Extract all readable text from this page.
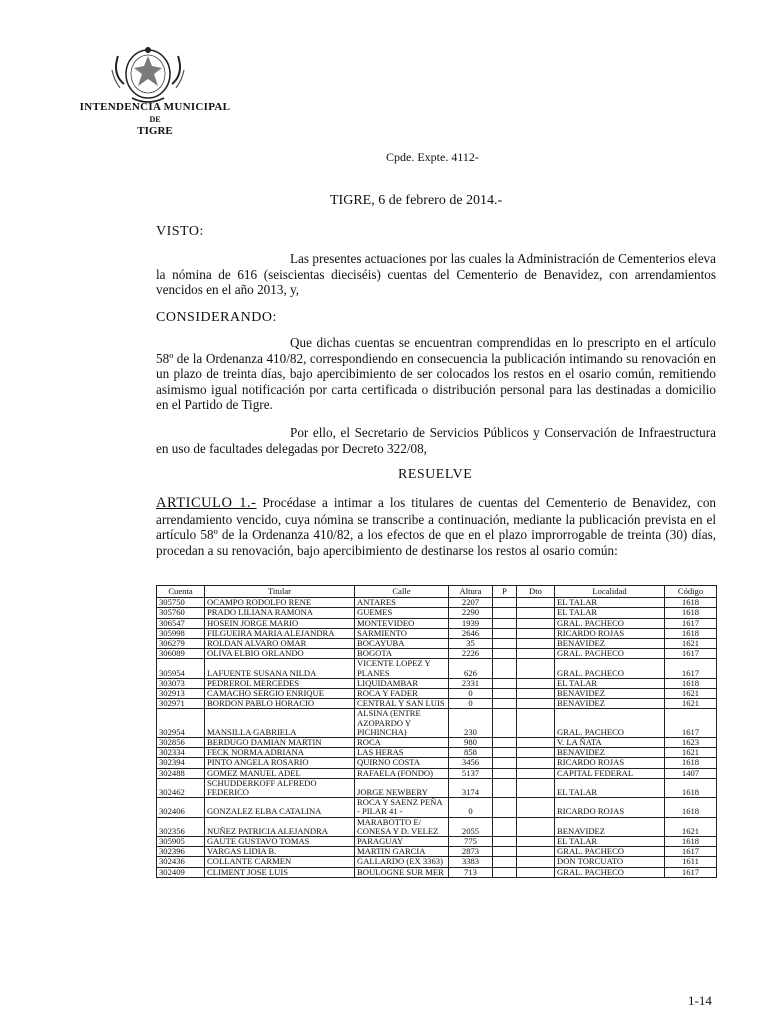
INTENDENCIA MUNICIPAL
DE
TIGRE
Cpde. Expte. 4112-
TIGRE, 6 de febrero de 2014.-
VISTO:
Las presentes actuaciones por las cuales la Administración de Cementerios eleva la nómina de 616 (seiscientas dieciséis) cuentas del Cementerio de Benavidez, con arrendamientos vencidos en el año 2013, y,
CONSIDERANDO:
Que dichas cuentas se encuentran comprendidas en lo prescripto en el artículo 58º de la Ordenanza 410/82, correspondiendo en consecuencia la publicación intimando su renovación en un plazo de treinta días, bajo apercibimiento de ser colocados los restos en el osario común, remitiendo asimismo igual notificación por carta certificada o distribución personal para las destinadas a domicilio en el Partido de Tigre.
Por ello, el Secretario de Servicios Públicos y Conservación de Infraestructura en uso de facultades delegadas por Decreto 322/08,
RESUELVE
ARTICULO 1.- Procédase a intimar a los titulares de cuentas del Cementerio de Benavidez, con arrendamiento vencido, cuya nómina se transcribe a continuación, mediante la publicación prevista en el artículo 58º de la Ordenanza 410/82, a los efectos de que en el plazo improrrogable de treinta (30) días, procedan a su renovación, bajo apercibimiento de destinarse los restos al osario común:
Cuenta	Titular	Calle	Altura	P	Dto	Localidad	Código
305750	OCAMPO RODOLFO RENE	ANTARES	2207			EL TALAR	1618
305760	PRADO LILIANA RAMONA	GUEMES	2290			EL TALAR	1618
306547	HOSEIN JORGE MARIO	MONTEVIDEO	1939			GRAL. PACHECO	1617
305998	FILGUEIRA MARIA ALEJANDRA	SARMIENTO	2646			RICARDO ROJAS	1618
306279	ROLDAN ALVARO OMAR	BOCAYUBA	35			BENAVIDEZ	1621
306089	OLIVA ELBIO ORLANDO	BOGOTA	2226			GRAL. PACHECO	1617
305954	LAFUENTE SUSANA NILDA	VICENTE LOPEZ Y PLANES	626			GRAL. PACHECO	1617
303073	PEDREROL MERCEDES	LIQUIDAMBAR	2331			EL TALAR	1618
302913	CAMACHO SERGIO ENRIQUE	ROCA Y FADER	0			BENAVIDEZ	1621
302971	BORDON PABLO HORACIO	CENTRAL Y SAN LUIS	0			BENAVIDEZ	1621
302954	MANSILLA GABRIELA	ALSINA (ENTRE AZOPARDO Y PICHINCHA)	230			GRAL. PACHECO	1617
302856	BERDUGO DAMIAN MARTIN	ROCA	980			V. LA ÑATA	1623
302334	FECK NORMA ADRIANA	LAS HERAS	858			BENAVIDEZ	1621
302394	PINTO ANGELA ROSARIO	QUIRNO COSTA	3456			RICARDO ROJAS	1618
302488	GOMEZ MANUEL ADEL	RAFAELA (FONDO)	5137			CAPITAL FEDERAL	1407
302462	SCHUDDERKOFF ALFREDO FEDERICO	JORGE NEWBERY	3174			EL TALAR	1618
302406	GONZALEZ ELBA CATALINA	ROCA Y SAENZ PEÑA - PILAR 41 -	0			RICARDO ROJAS	1618
302356	NUÑEZ PATRICIA ALEJANDRA	MARABOTTO E/ CONESA Y D. VELEZ	2055			BENAVIDEZ	1621
305905	GAUTE GUSTAVO TOMAS	PARAGUAY	775			EL TALAR	1618
302396	VARGAS LIDIA B.	MARTIN GARCIA	2873			GRAL. PACHECO	1617
302436	COLLANTE CARMEN	GALLARDO (EX 3363)	3383			DON TORCUATO	1611
302409	CLIMENT JOSE LUIS	BOULOGNE SUR MER	713			GRAL. PACHECO	1617
1-14
